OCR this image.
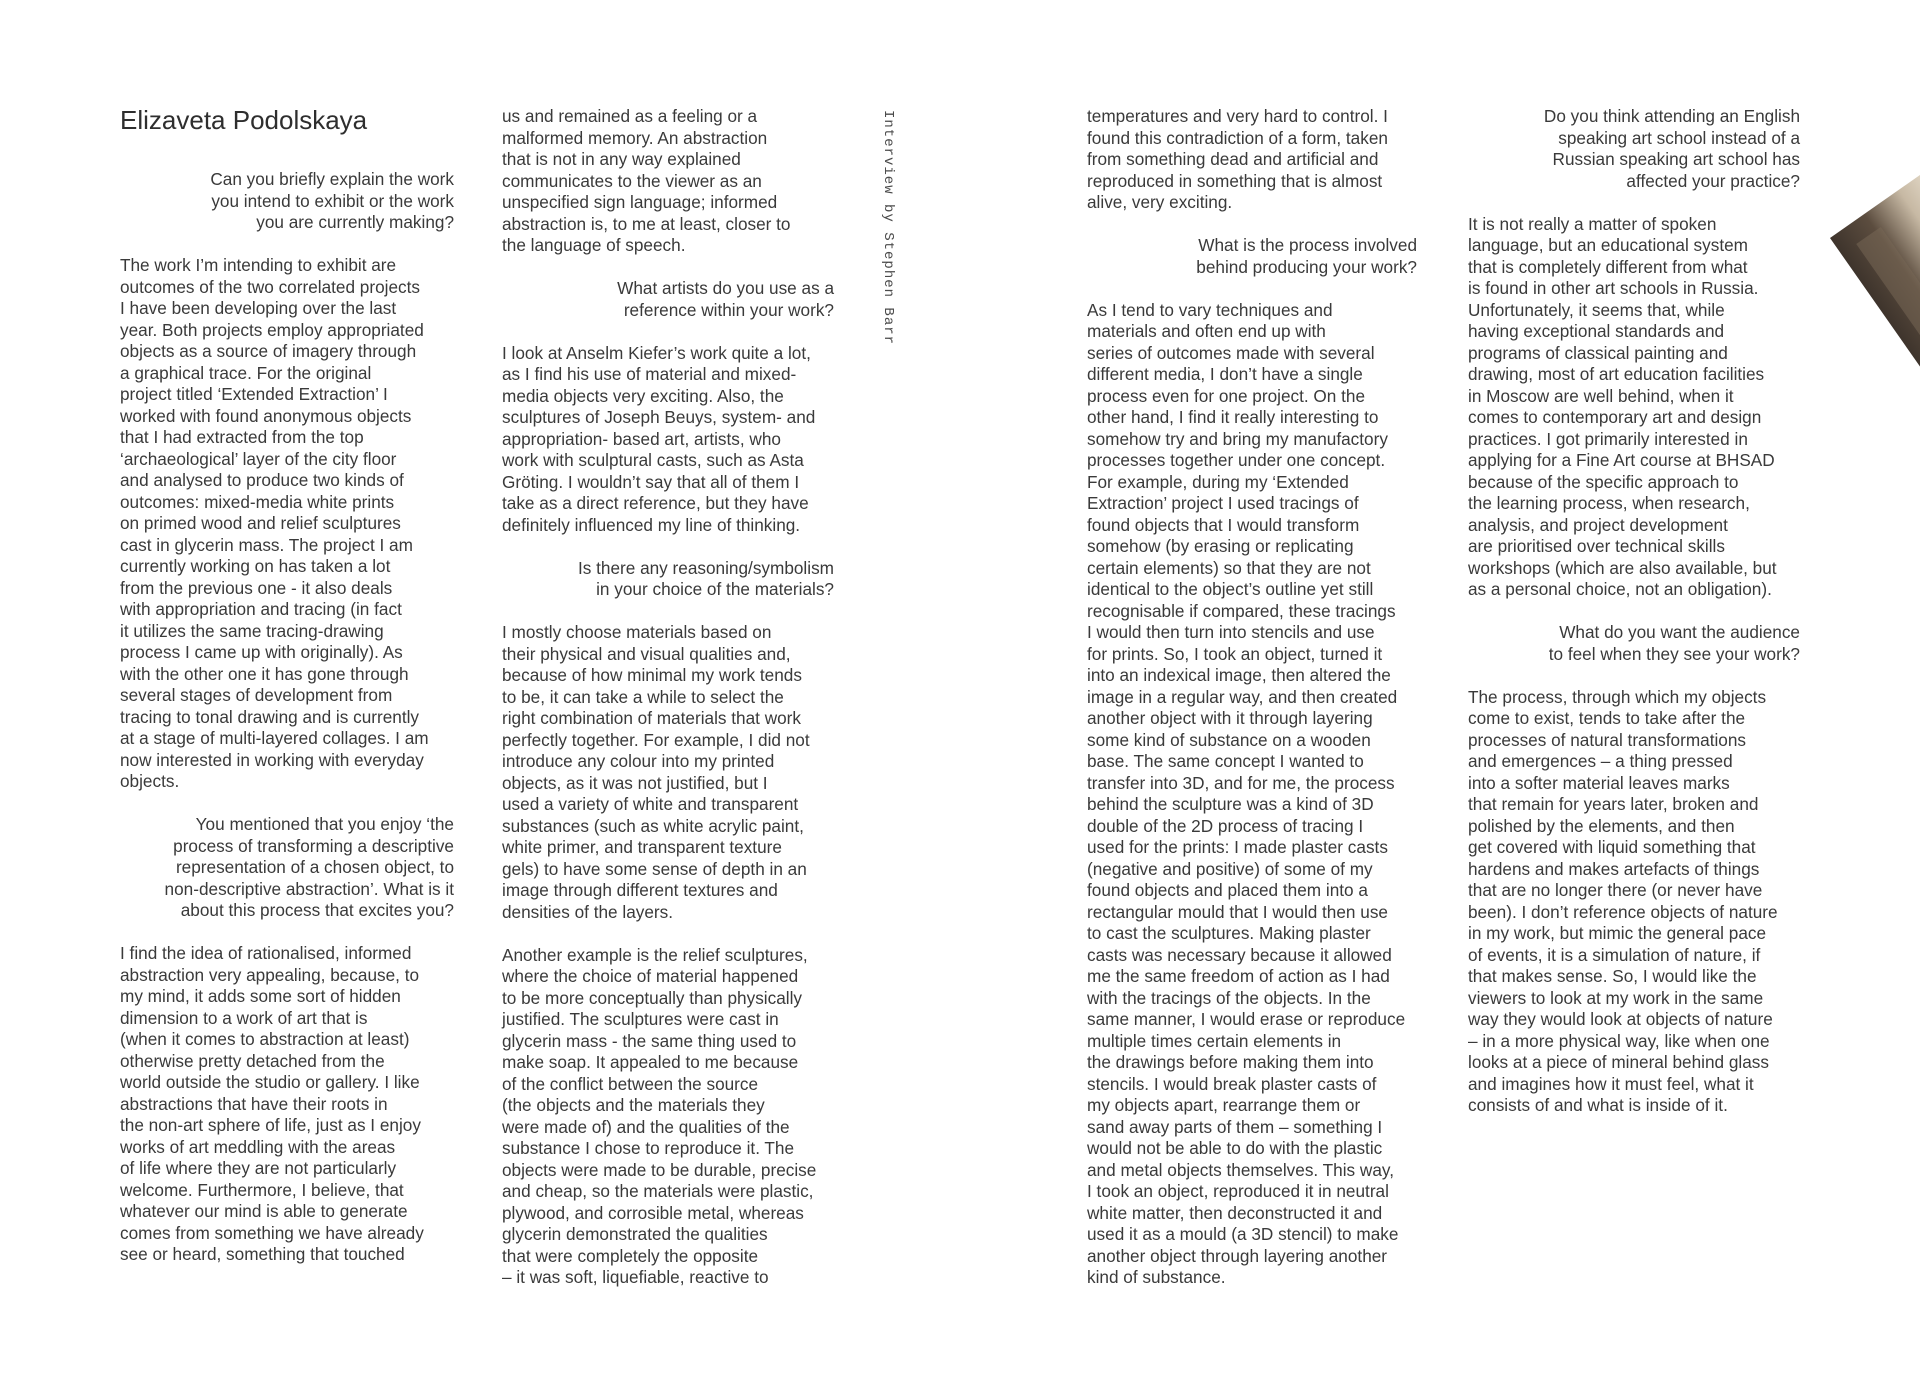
Elizaveta Podolskaya	Interview by Stephen Barr

Can you briefly explain the work

you intend to exhibit or the work

you are currently making?

The work I’m intending to exhibit are

outcomes of the two correlated projects

I have been developing over the last

year. Both projects employ appropriated

objects as a source of imagery through

a graphical trace. For the original

project titled ‘Extended Extraction’ I

worked with found anonymous objects

that I had extracted from the top

‘archaeological’ layer of the city floor

and analysed to produce two kinds of

outcomes: mixed-media white prints

on primed wood and relief sculptures

cast in glycerin mass. The project I am

currently working on has taken a lot

from the previous one - it also deals

with appropriation and tracing (in fact

it utilizes the same tracing-drawing

process I came up with originally). As

with the other one it has gone through

several stages of development from

tracing to tonal drawing and is currently

at a stage of multi-layered collages. I am

now interested in working with everyday

objects.

You mentioned that you enjoy ‘the

process of transforming a descriptive

representation of a chosen object, to

non-descriptive abstraction’. What is it

about this process that excites you?

I find the idea of rationalised, informed

abstraction very appealing, because, to

my mind, it adds some sort of hidden

dimension to a work of art that is

(when it comes to abstraction at least)

otherwise pretty detached from the

world outside the studio or gallery. I like

abstractions that have their roots in

the non-art sphere of life, just as I enjoy

works of art meddling with the areas

of life where they are not particularly

welcome. Furthermore, I believe, that

whatever our mind is able to generate

comes from something we have already

see or heard, something that touched

us and remained as a feeling or a

malformed memory. An abstraction

that is not in any way explained

communicates to the viewer as an

unspecified sign language; informed

abstraction is, to me at least, closer to

the language of speech.

What artists do you use as a

reference within your work?

I look at Anselm Kiefer’s work quite a lot,

as I find his use of material and mixed-

media objects very exciting. Also, the

sculptures of Joseph Beuys, system- and

appropriation- based art, artists, who

work with sculptural casts, such as Asta

Gröting. I wouldn’t say that all of them I

take as a direct reference, but they have

definitely influenced my line of thinking.

Is there any reasoning/symbolism

in your choice of the materials?

I mostly choose materials based on

their physical and visual qualities and,

because of how minimal my work tends

to be, it can take a while to select the

right combination of materials that work

perfectly together. For example, I did not

introduce any colour into my printed

objects, as it was not justified, but I

used a variety of white and transparent

substances (such as white acrylic paint,

white primer, and transparent texture

gels) to have some sense of depth in an

image through different textures and

densities of the layers.

Another example is the relief sculptures,

where the choice of material happened

to be more conceptually than physically

justified. The sculptures were cast in

glycerin mass - the same thing used to

make soap. It appealed to me because

of the conflict between the source

(the objects and the materials they

were made of) and the qualities of the

substance I chose to reproduce it. The

objects were made to be durable, precise

and cheap, so the materials were plastic,

plywood, and corrosible metal, whereas

glycerin demonstrated the qualities

that were completely the opposite

– it was soft, liquefiable, reactive to

temperatures and very hard to control. I

found this contradiction of a form, taken

from something dead and artificial and

reproduced in something that is almost

alive, very exciting.

What is the process involved

behind producing your work?

As I tend to vary techniques and

materials and often end up with

series of outcomes made with several

different media, I don’t have a single

process even for one project. On the

other hand, I find it really interesting to

somehow try and bring my manufactory

processes together under one concept.

For example, during my ‘Extended

Extraction’ project I used tracings of

found objects that I would transform

somehow (by erasing or replicating

certain elements) so that they are not

identical to the object’s outline yet still

recognisable if compared, these tracings

I would then turn into stencils and use

for prints. So, I took an object, turned it

into an indexical image, then altered the

image in a regular way, and then created

another object with it through layering

some kind of substance on a wooden

base. The same concept I wanted to

transfer into 3D, and for me, the process

behind the sculpture was a kind of 3D

double of the 2D process of tracing I

used for the prints: I made plaster casts

(negative and positive) of some of my

found objects and placed them into a

rectangular mould that I would then use

to cast the sculptures. Making plaster

casts was necessary because it allowed

me the same freedom of action as I had

with the tracings of the objects. In the

same manner, I would erase or reproduce

multiple times certain elements in

the drawings before making them into

stencils. I would break plaster casts of

my objects apart, rearrange them or

sand away parts of them – something I

would not be able to do with the plastic

and metal objects themselves. This way,

I took an object, reproduced it in neutral

white matter, then deconstructed it and

used it as a mould (a 3D stencil) to make

another object through layering another

kind of substance.

Do you think attending an English

speaking art school instead of a

Russian speaking art school has

affected your practice?

It is not really a matter of spoken

language, but an educational system

that is completely different from what

is found in other art schools in Russia.

Unfortunately, it seems that, while

having exceptional standards and

programs of classical painting and

drawing, most of art education facilities

in Moscow are well behind, when it

comes to contemporary art and design

practices. I got primarily interested in

applying for a Fine Art course at BHSAD

because of the specific approach to

the learning process, when research,

analysis, and project development

are prioritised over technical skills

workshops (which are also available, but

as a personal choice, not an obligation).

What do you want the audience

to feel when they see your work?

The process, through which my objects

come to exist, tends to take after the

processes of natural transformations

and emergences – a thing pressed

into a softer material leaves marks

that remain for years later, broken and

polished by the elements, and then

get covered with liquid something that

hardens and makes artefacts of things

that are no longer there (or never have

been). I don’t reference objects of nature

in my work, but mimic the general pace

of events, it is a simulation of nature, if

that makes sense. So, I would like the

viewers to look at my work in the same

way they would look at objects of nature

– in a more physical way, like when one

looks at a piece of mineral behind glass

and imagines how it must feel, what it

consists of and what is inside of it.
